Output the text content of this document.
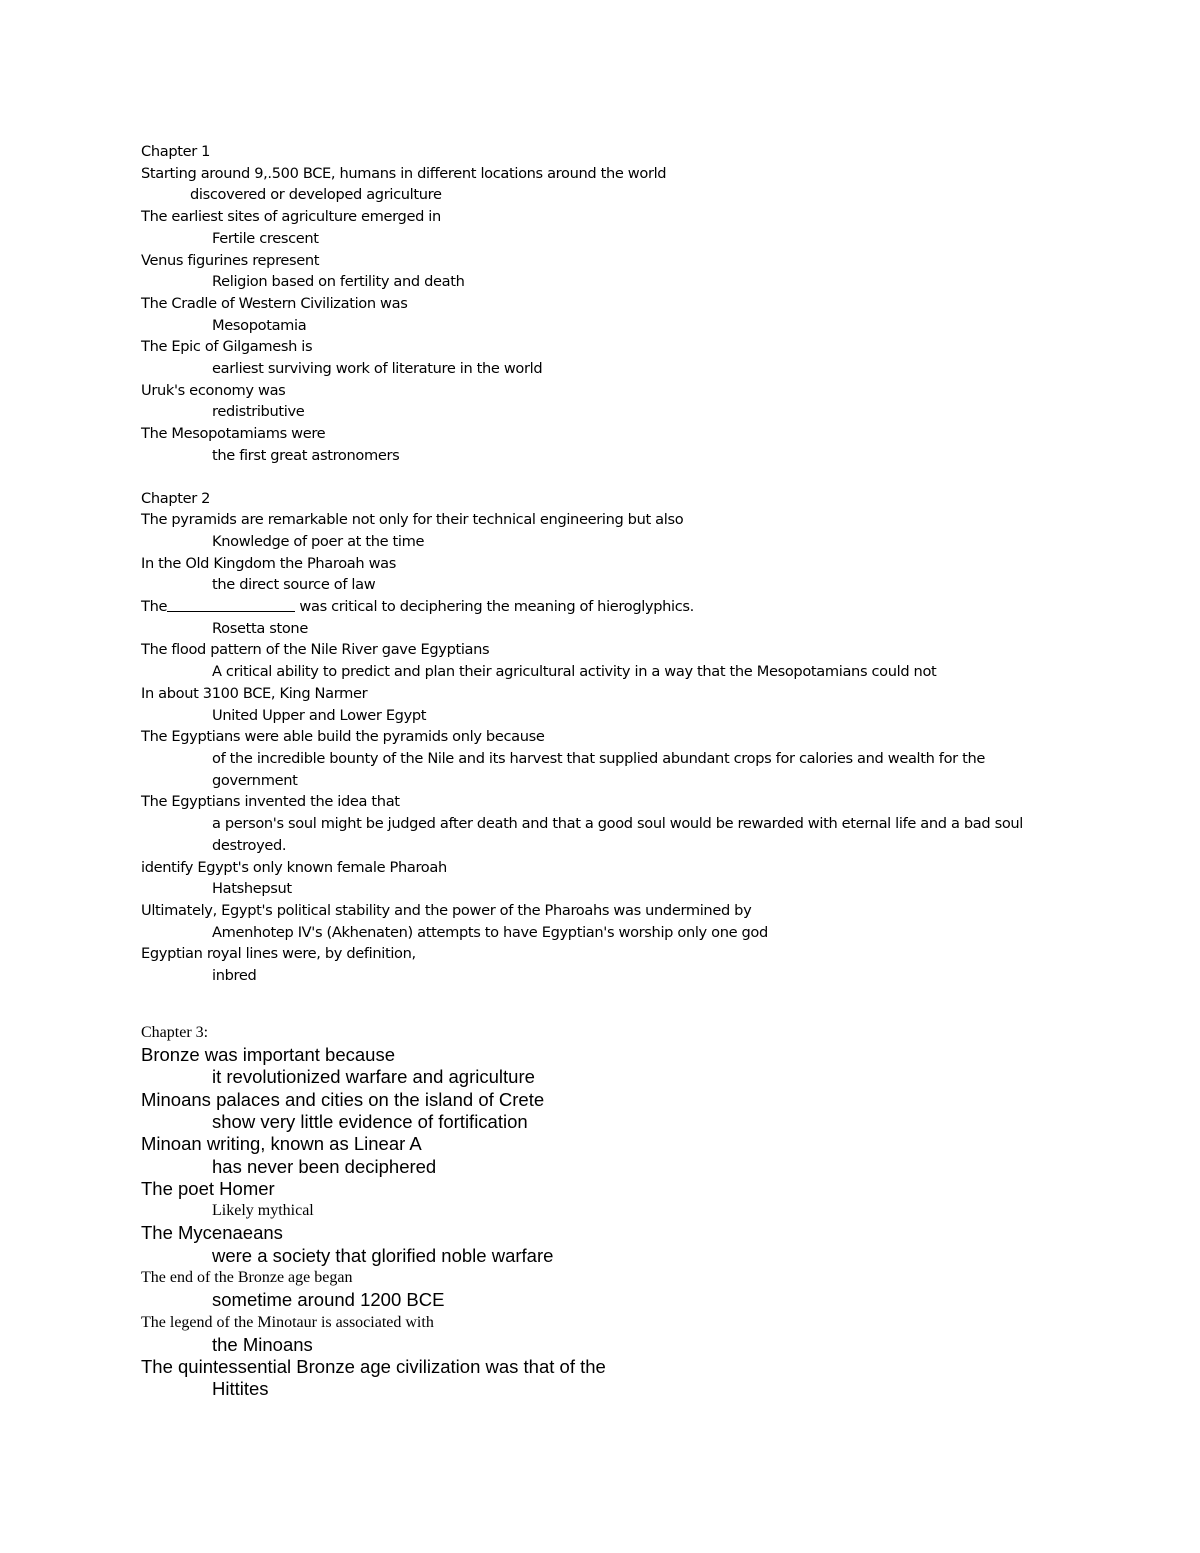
Chapter 1
Starting around 9,.500 BCE, humans in different locations around the world
discovered or developed agriculture
The earliest sites of agriculture emerged in
Fertile crescent
Venus figurines represent
Religion based on fertility and death
The Cradle of Western Civilization was
Mesopotamia
The Epic of Gilgamesh is
earliest surviving work of literature in the world
Uruk's economy was
redistributive
The Mesopotamiams were
the first great astronomers
Chapter 2
The pyramids are remarkable not only for their technical engineering but also
Knowledge of poer at the time
In the Old Kingdom the Pharoah was
the direct source of law
The	was critical to deciphering the meaning of hieroglyphics.
Rosetta stone
The flood pattern of the Nile River gave Egyptians
A critical ability to predict and plan their agricultural activity in a way that the Mesopotamians could not
In about 3100 BCE, King Narmer
United Upper and Lower Egypt
The Egyptians were able build the pyramids only because
of the incredible bounty of the Nile and its harvest that supplied abundant crops for calories and wealth for the government
The Egyptians invented the idea that
a person's soul might be judged after death and that a good soul would be rewarded with eternal life and a bad soul destroyed.
identify Egypt's only known female Pharoah
Hatshepsut
Ultimately, Egypt's political stability and the power of the Pharoahs was undermined by
Amenhotep IV's (Akhenaten) attempts to have Egyptian's worship only one god
Egyptian royal lines were, by definition,
inbred
Chapter 3:
Bronze was important because
it revolutionized warfare and agriculture
Minoans palaces and cities on the island of Crete
show very little evidence of fortification
Minoan writing, known as Linear A
has never been deciphered
The poet Homer
Likely mythical
The Mycenaeans
were a society that glorified noble warfare
The end of the Bronze age began
sometime around 1200 BCE
The legend of the Minotaur is associated with
the Minoans
The quintessential Bronze age civilization was that of the
Hittites
